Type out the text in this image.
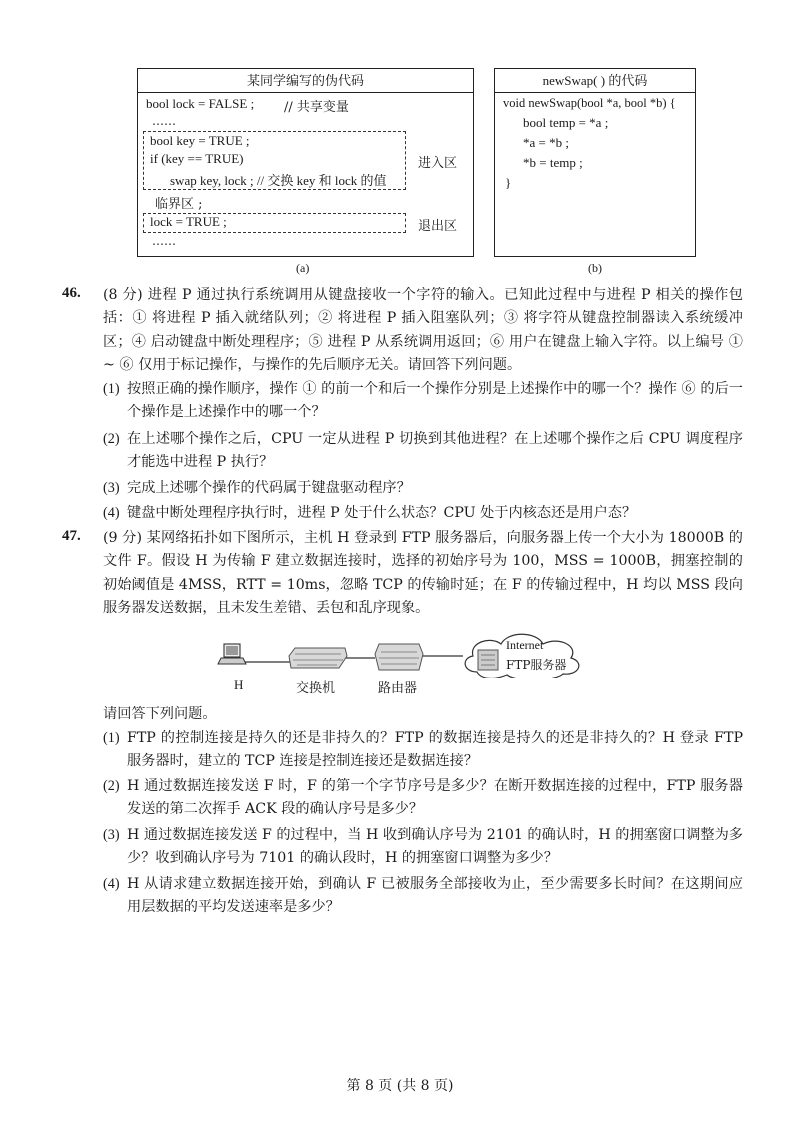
某同学编写的伪代码
bool lock = FALSE ; // 共享变量
……
bool key = TRUE ;
if (key == TRUE)
swap key, lock ; // 交换 key 和 lock 的值
进入区
临界区 ;
lock = TRUE ;	退出区
……
(a)
newSwap( ) 的代码
void newSwap(bool *a, bool *b) {
bool temp = *a ;
*a = *b ;
*b = temp ;
}
(b)
46. (8 分) 进程 P 通过执行系统调用从键盘接收一个字符的输入。已知此过程中与进程 P 相关的操作包括：① 将进程 P 插入就绪队列；② 将进程 P 插入阻塞队列；③ 将字符从键盘控制器读入系统缓冲区；④ 启动键盘中断处理程序；⑤ 进程 P 从系统调用返回；⑥ 用户在键盘上输入字符。以上编号 ① ~ ⑥ 仅用于标记操作，与操作的先后顺序无关。请回答下列问题。
(1) 按照正确的操作顺序，操作 ① 的前一个和后一个操作分别是上述操作中的哪一个？操作 ⑥ 的后一个操作是上述操作中的哪一个？
(2) 在上述哪个操作之后，CPU 一定从进程 P 切换到其他进程？在上述哪个操作之后 CPU 调度程序才能选中进程 P 执行？
(3) 完成上述哪个操作的代码属于键盘驱动程序？
(4) 键盘中断处理程序执行时，进程 P 处于什么状态？CPU 处于内核态还是用户态？
47. (9 分) 某网络拓扑如下图所示，主机 H 登录到 FTP 服务器后，向服务器上传一个大小为 18000B 的文件 F。假设 H 为传输 F 建立数据连接时，选择的初始序号为 100，MSS = 1000B，拥塞控制的初始阈值是 4MSS，RTT = 10ms，忽略 TCP 的传输时延；在 F 的传输过程中，H 均以 MSS 段向服务器发送数据，且未发生差错、丢包和乱序现象。
Internet
FTP服务器
H	交换机	路由器
请回答下列问题。
(1) FTP 的控制连接是持久的还是非持久的？FTP 的数据连接是持久的还是非持久的？H 登录 FTP 服务器时，建立的 TCP 连接是控制连接还是数据连接？
(2) H 通过数据连接发送 F 时，F 的第一个字节序号是多少？在断开数据连接的过程中，FTP 服务器发送的第二次挥手 ACK 段的确认序号是多少？
(3) H 通过数据连接发送 F 的过程中，当 H 收到确认序号为 2101 的确认时，H 的拥塞窗口调整为多少？收到确认序号为 7101 的确认段时，H 的拥塞窗口调整为多少？
(4) H 从请求建立数据连接开始，到确认 F 已被服务全部接收为止，至少需要多长时间？在这期间应用层数据的平均发送速率是多少？
第 8 页 (共 8 页)
